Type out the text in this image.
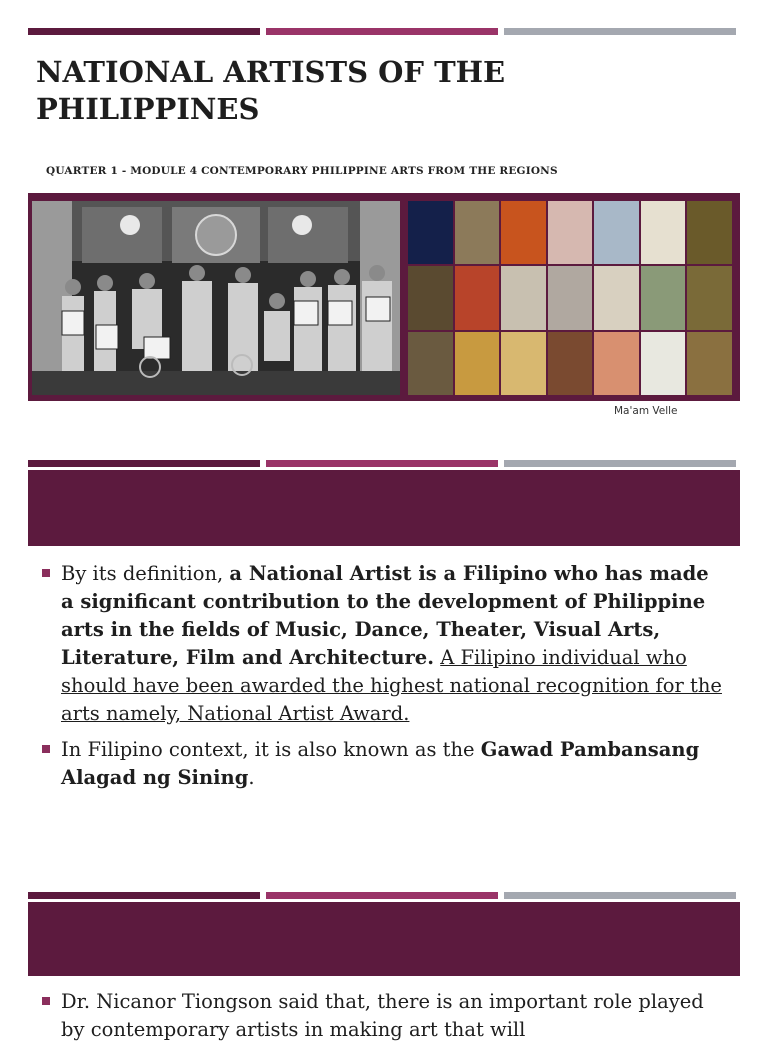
NATIONAL ARTISTS OF THE PHILIPPINES
QUARTER 1 - MODULE 4 CONTEMPORARY PHILIPPINE ARTS FROM THE REGIONS
Ma'am Velle
By its definition, a National Artist is a Filipino who has made a significant contribution to the development of Philippine arts in the fields of Music, Dance, Theater, Visual Arts, Literature, Film and Architecture. A Filipino individual who should have been awarded the highest national recognition for the arts namely, National Artist Award.
In Filipino context, it is also known as the Gawad Pambansang Alagad ng Sining.
Dr. Nicanor Tiongson said that, there is an important role played by contemporary artists in making art that will
